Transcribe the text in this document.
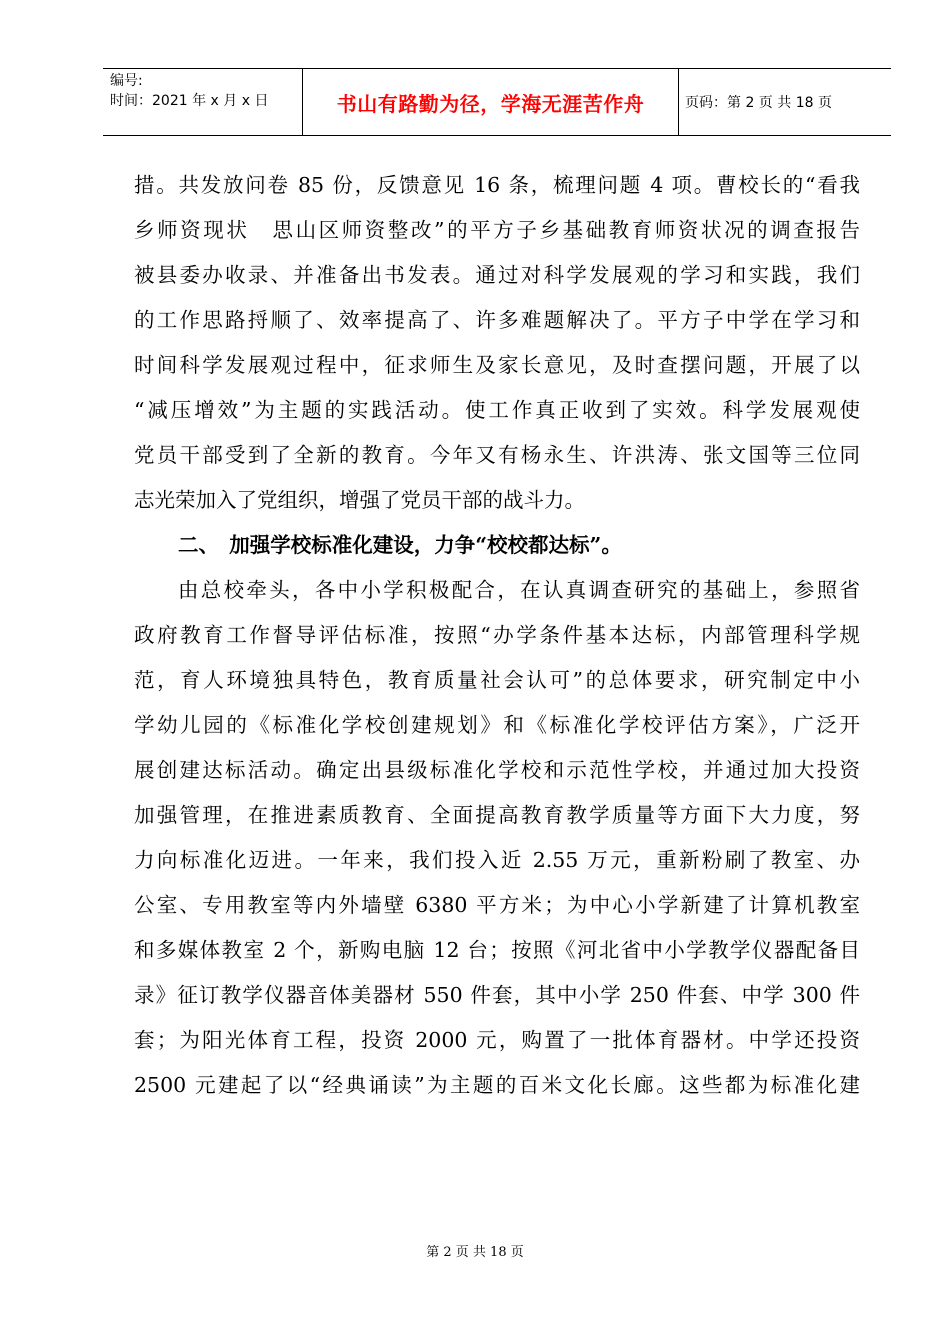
编号:
时间：2021 年 x 月 x 日	书山有路勤为径，学海无涯苦作舟	页码：第 2 页 共 18 页
措。共发放问卷 85 份，反馈意见 16 条，梳理问题 4 项。曹校长的“看我
乡师资现状　思山区师资整改”的平方子乡基础教育师资状况的调查报告
被县委办收录、并准备出书发表。通过对科学发展观的学习和实践，我们
的工作思路捋顺了、效率提高了、许多难题解决了。平方子中学在学习和
时间科学发展观过程中，征求师生及家长意见，及时查摆问题，开展了以
“减压增效”为主题的实践活动。使工作真正收到了实效。科学发展观使
党员干部受到了全新的教育。今年又有杨永生、许洪涛、张文国等三位同
志光荣加入了党组织，增强了党员干部的战斗力。
二、　加强学校标准化建设，力争“校校都达标”。
由总校牵头，各中小学积极配合，在认真调查研究的基础上，参照省
政府教育工作督导评估标准，按照“办学条件基本达标，内部管理科学规
范，育人环境独具特色，教育质量社会认可”的总体要求，研究制定中小
学幼儿园的《标准化学校创建规划》和《标准化学校评估方案》，广泛开
展创建达标活动。确定出县级标准化学校和示范性学校，并通过加大投资
加强管理，在推进素质教育、全面提高教育教学质量等方面下大力度，努
力向标准化迈进。一年来，我们投入近 2.55 万元，重新粉刷了教室、办
公室、专用教室等内外墙壁 6380 平方米；为中心小学新建了计算机教室
和多媒体教室 2 个，新购电脑 12 台；按照《河北省中小学教学仪器配备目
录》征订教学仪器音体美器材 550 件套，其中小学 250 件套、中学 300 件
套；为阳光体育工程，投资 2000 元，购置了一批体育器材。中学还投资
2500 元建起了以“经典诵读”为主题的百米文化长廊。这些都为标准化建
第 2 页 共 18 页
